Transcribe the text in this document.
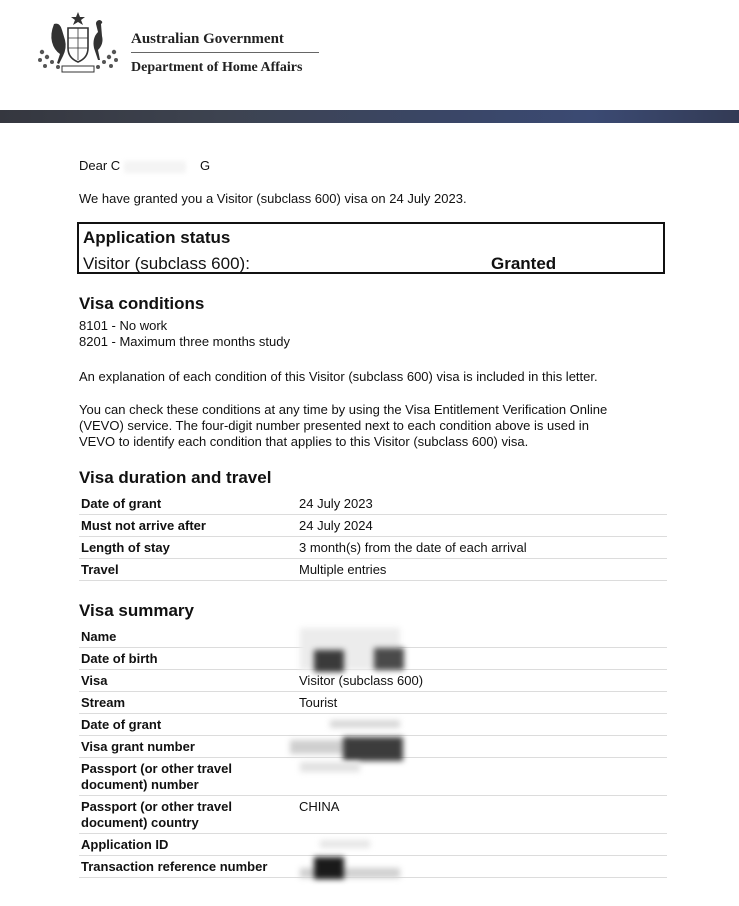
Australian Government
Department of Home Affairs
Dear C	G
We have granted you a Visitor (subclass 600) visa on 24 July 2023.
Visa conditions
8101 - No work
8201 - Maximum three months study
An explanation of each condition of this Visitor (subclass 600) visa is included in this letter.
You can check these conditions at any time by using the Visa Entitlement Verification Online
(VEVO) service. The four-digit number presented next to each condition above is used in
VEVO to identify each condition that applies to this Visitor (subclass 600) visa.
Visa duration and travel
Date of grant	24 July 2023
Must not arrive after	24 July 2024
Length of stay	3 month(s) from the date of each arrival
Travel	Multiple entries
Visa summary
Name	
Date of birth	
Visa	Visitor (subclass 600)
Stream	Tourist
Date of grant	
Visa grant number	
Passport (or other travel document) number	
Passport (or other travel document) country	CHINA
Application ID	
Transaction reference number	
Application status
Visitor (subclass 600):	Granted
